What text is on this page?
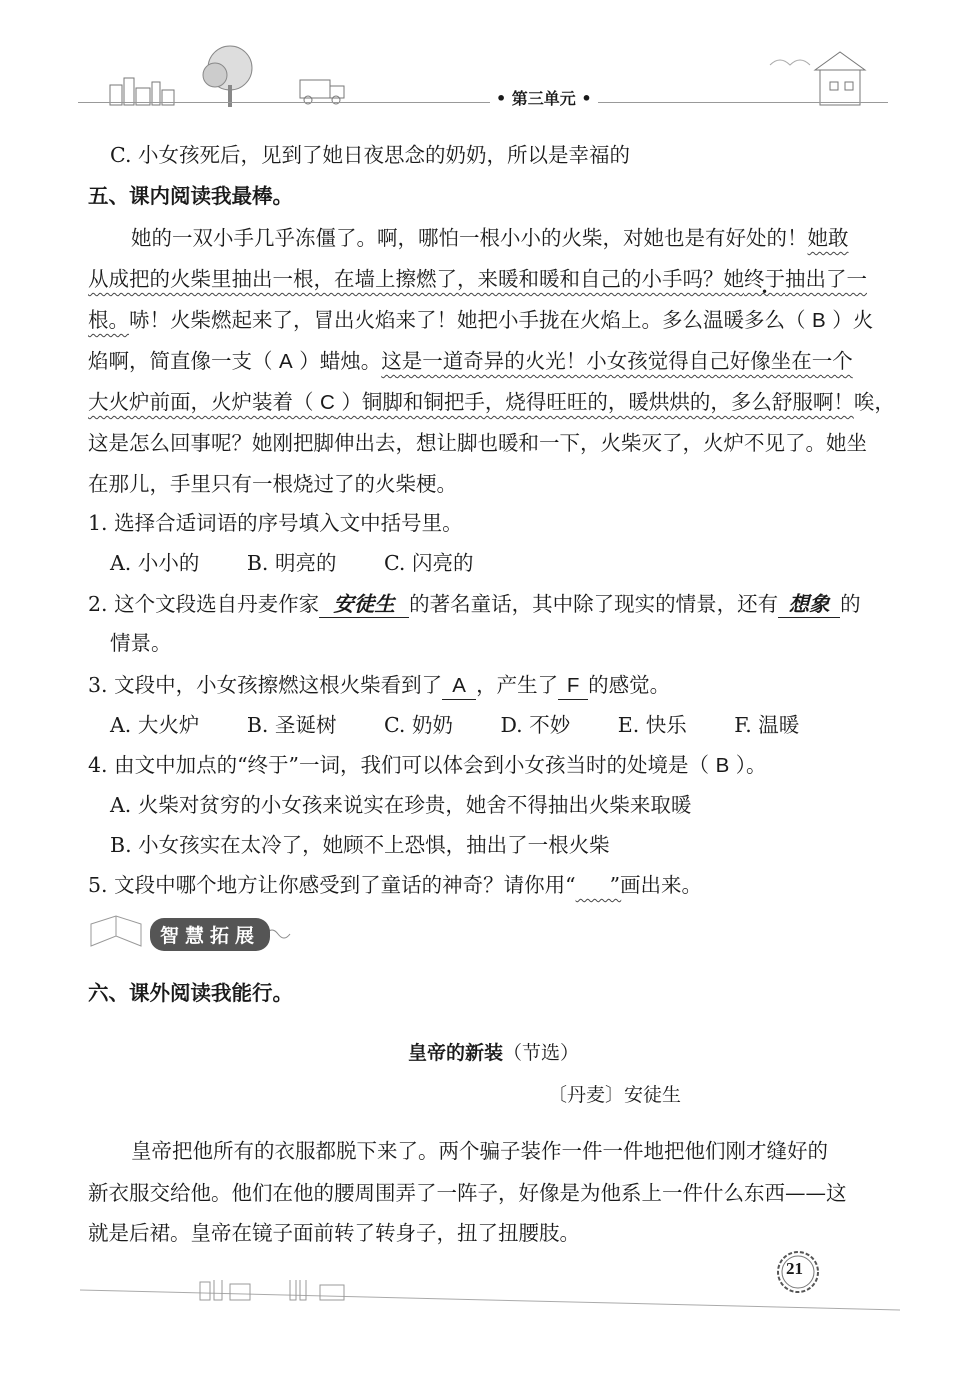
• 第三单元 •
C. 小女孩死后，见到了她日夜思念的奶奶，所以是幸福的
五、课内阅读我最棒。
她的一双小手几乎冻僵了。啊，哪怕一根小小的火柴，对她也是有好处的！她敢
从成把的火柴里抽出一根，在墙上擦燃了，来暖和暖和自己的小手吗？她终于抽出了一
根。哧！火柴燃起来了，冒出火焰来了！她把小手拢在火焰上。多么温暖多么（ B ）火
焰啊，简直像一支（ A ）蜡烛。这是一道奇异的火光！小女孩觉得自己好像坐在一个
大火炉前面，火炉装着（ C ）铜脚和铜把手，烧得旺旺的，暖烘烘的，多么舒服啊！唉，
这是怎么回事呢？她刚把脚伸出去，想让脚也暖和一下，火柴灭了，火炉不见了。她坐
在那儿，手里只有一根烧过了的火柴梗。
1. 选择合适词语的序号填入文中括号里。
A. 小小的　　 B. 明亮的　　 C. 闪亮的
2. 这个文段选自丹麦作家 安徒生 的著名童话，其中除了现实的情景，还有 想象 的
情景。
3. 文段中，小女孩擦燃这根火柴看到了 A ，产生了 F 的感觉。
A. 大火炉　　 B. 圣诞树　　 C. 奶奶　　 D. 不妙　　 E. 快乐　　 F. 温暖
4. 由文中加点的“终于”一词，我们可以体会到小女孩当时的处境是（ B ）。
A. 火柴对贫穷的小女孩来说实在珍贵，她舍不得抽出火柴来取暖
B. 小女孩实在太冷了，她顾不上恐惧，抽出了一根火柴
5. 文段中哪个地方让你感受到了童话的神奇？请你用“ ”画出来。
智慧拓展
六、课外阅读我能行。
皇帝的新装（节选）
〔丹麦〕安徒生
皇帝把他所有的衣服都脱下来了。两个骗子装作一件一件地把他们刚才缝好的
新衣服交给他。他们在他的腰周围弄了一阵子，好像是为他系上一件什么东西——这
就是后裙。皇帝在镜子面前转了转身子，扭了扭腰肢。
21
